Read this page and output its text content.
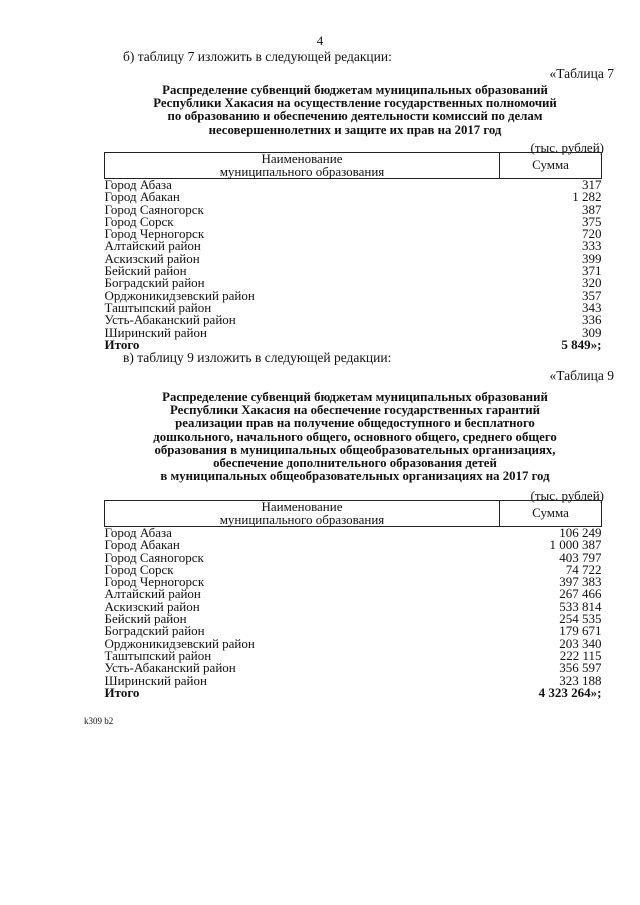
4
б) таблицу 7 изложить в следующей редакции:
«Таблица 7
Распределение субвенций бюджетам муниципальных образований
Республики Хакасия на осуществление государственных полномочий
по образованию и обеспечению деятельности комиссий по делам
несовершеннолетних и защите их прав на 2017 год
(тыс. рублей)
Наименование
муниципального образования	Сумма
Город Абаза	317
Город Абакан	1 282
Город Саяногорск	387
Город Сорск	375
Город Черногорск	720
Алтайский район	333
Аскизский район	399
Бейский район	371
Боградский район	320
Орджоникидзевский район	357
Таштыпский район	343
Усть-Абаканский район	336
Ширинский район	309
Итого	5 849»;
в) таблицу 9 изложить в следующей редакции:
«Таблица 9
Распределение субвенций бюджетам муниципальных образований
Республики Хакасия на обеспечение государственных гарантий
реализации прав на получение общедоступного и бесплатного
дошкольного, начального общего, основного общего, среднего общего
образования в муниципальных общеобразовательных организациях,
обеспечение дополнительного образования детей
в муниципальных общеобразовательных организациях на 2017 год
(тыс. рублей)
Наименование
муниципального образования	Сумма
Город Абаза	106 249
Город Абакан	1 000 387
Город Саяногорск	403 797
Город Сорск	74 722
Город Черногорск	397 383
Алтайский район	267 466
Аскизский район	533 814
Бейский район	254 535
Боградский район	179 671
Орджоникидзевский район	203 340
Таштыпский район	222 115
Усть-Абаканский район	356 597
Ширинский район	323 188
Итого	4 323 264»;
k309 b2
